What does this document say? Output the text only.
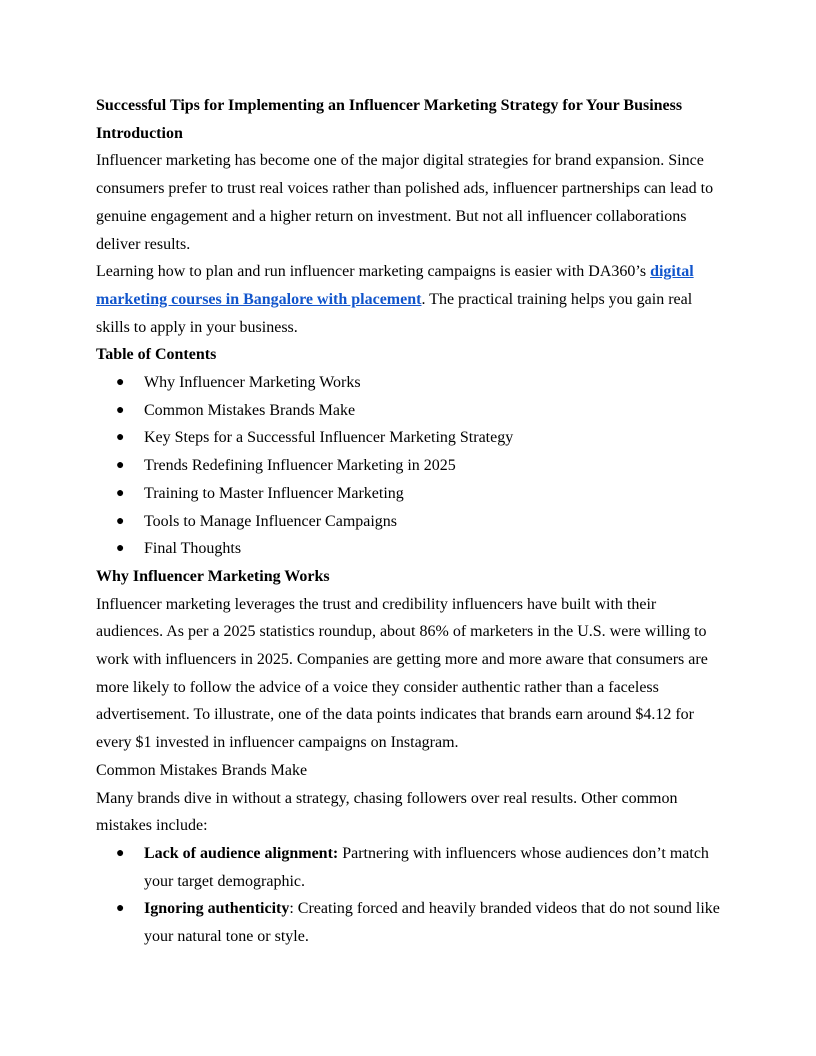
Successful Tips for Implementing an Influencer Marketing Strategy for Your Business

Introduction

Influencer marketing has become one of the major digital strategies for brand expansion. Since consumers prefer to trust real voices rather than polished ads, influencer partnerships can lead to genuine engagement and a higher return on investment. But not all influencer collaborations deliver results.

Learning how to plan and run influencer marketing campaigns is easier with DA360’s digital marketing courses in Bangalore with placement. The practical training helps you gain real skills to apply in your business.

Table of Contents

● Why Influencer Marketing Works
● Common Mistakes Brands Make
● Key Steps for a Successful Influencer Marketing Strategy
● Trends Redefining Influencer Marketing in 2025
● Training to Master Influencer Marketing
● Tools to Manage Influencer Campaigns
● Final Thoughts

Why Influencer Marketing Works

Influencer marketing leverages the trust and credibility influencers have built with their audiences. As per a 2025 statistics roundup, about 86% of marketers in the U.S. were willing to work with influencers in 2025. Companies are getting more and more aware that consumers are more likely to follow the advice of a voice they consider authentic rather than a faceless advertisement. To illustrate, one of the data points indicates that brands earn around $4.12 for every $1 invested in influencer campaigns on Instagram.

Common Mistakes Brands Make

Many brands dive in without a strategy, chasing followers over real results. Other common mistakes include:

● Lack of audience alignment: Partnering with influencers whose audiences don’t match your target demographic.
● Ignoring authenticity: Creating forced and heavily branded videos that do not sound like your natural tone or style.
